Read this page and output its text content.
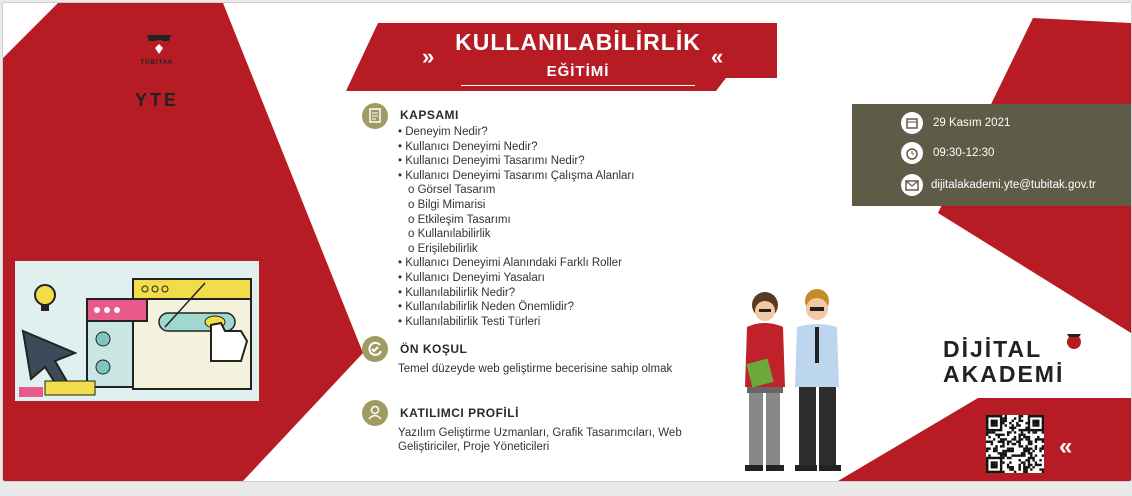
TÜBİTAK
BİLGEM
YTE
»
KULLANILABİLİRLİK
EĞİTİMİ
«
KAPSAMI
• Deneyim Nedir?
• Kullanıcı Deneyimi Nedir?
• Kullanıcı Deneyimi Tasarımı Nedir?
• Kullanıcı Deneyimi Tasarımı Çalışma Alanları
o Görsel Tasarım
o Bilgi Mimarisi
o Etkileşim Tasarımı
o Kullanılabilirlik
o Erişilebilirlik
• Kullanıcı Deneyimi Alanındaki Farklı Roller
• Kullanıcı Deneyimi Yasaları
• Kullanılabilirlik Nedir?
• Kullanılabilirlik Neden Önemlidir?
• Kullanılabilirlik Testi Türleri
ÖN KOŞUL
Temel düzeyde web geliştirme becerisine sahip olmak
KATILIMCI PROFİLİ
Yazılım Geliştirme Uzmanları, Grafik Tasarımcıları, Web Geliştiriciler, Proje Yöneticileri
29 Kasım 2021
09:30-12:30
dijitalakademi.yte@tubitak.gov.tr
DİJİTAL
AKADEMİ
«
